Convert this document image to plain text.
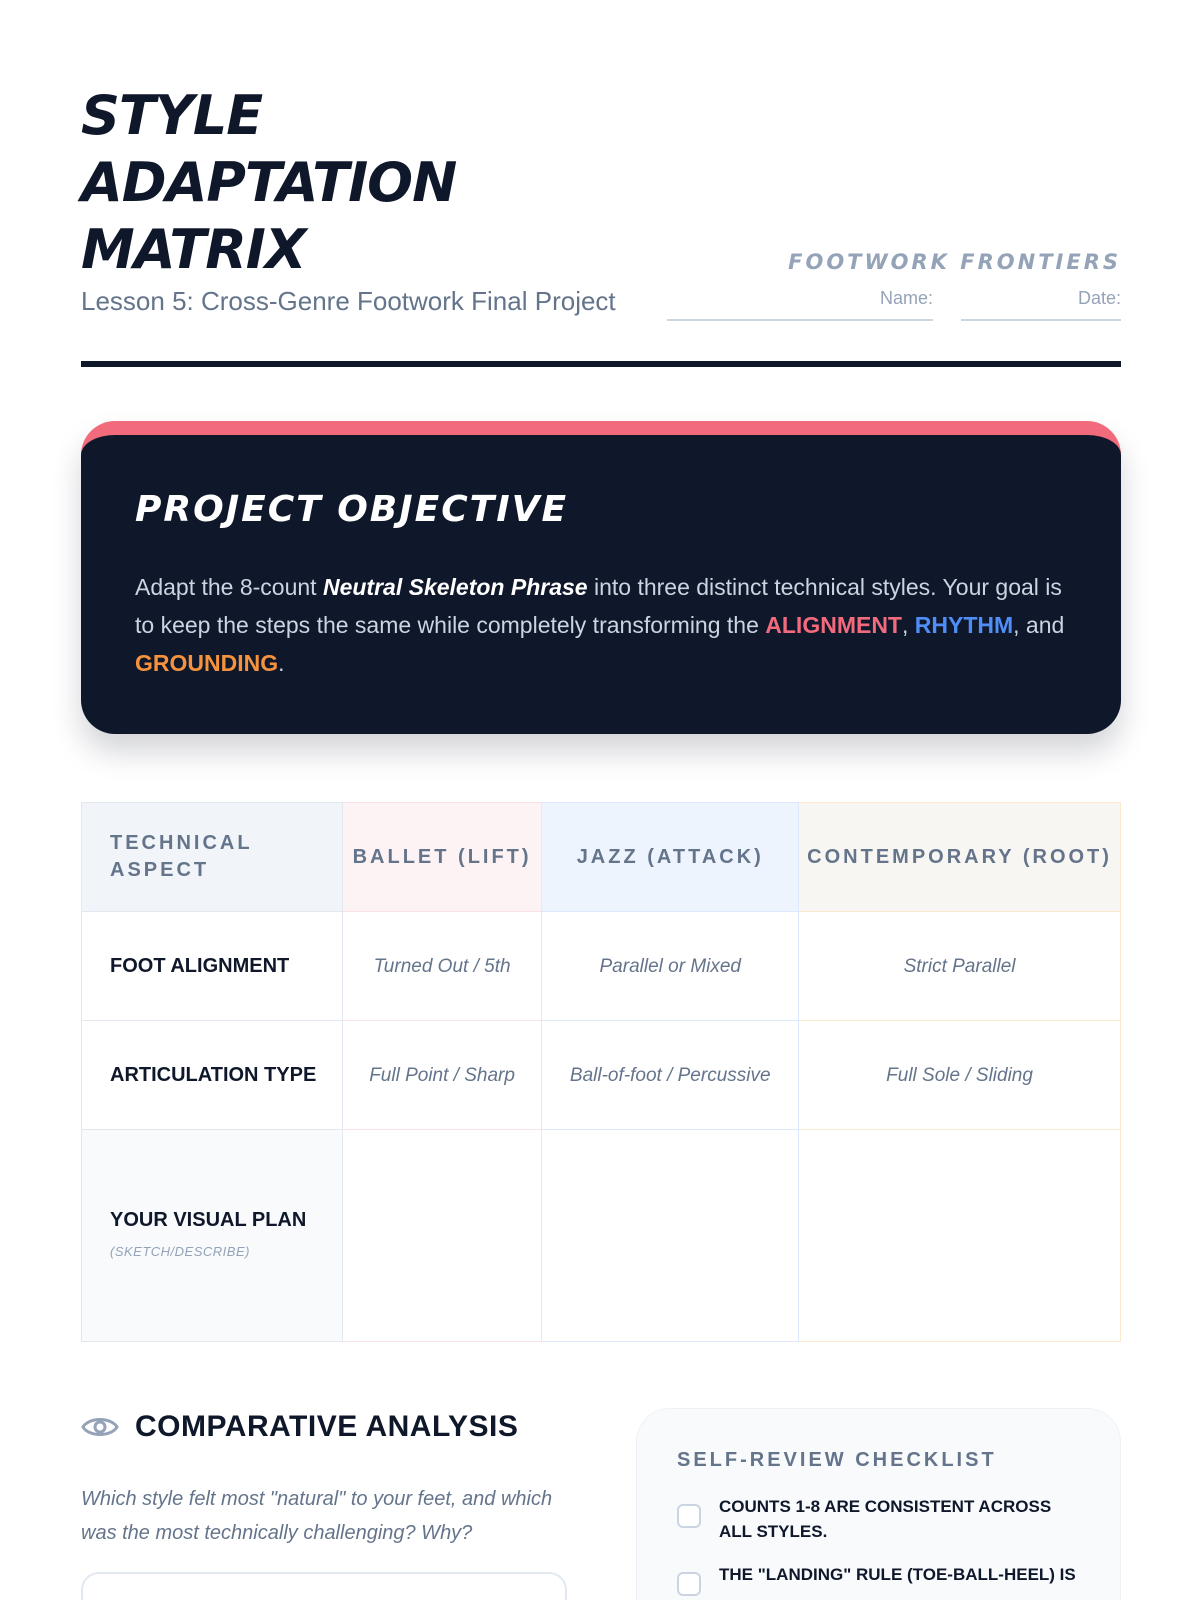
STYLE
ADAPTATION
MATRIX
Lesson 5: Cross-Genre Footwork Final Project
FOOTWORK FRONTIERS
Name:	Date:
PROJECT OBJECTIVE

Adapt the 8-count Neutral Skeleton Phrase into three distinct technical styles. Your goal is to keep the steps the same while completely transforming the ALIGNMENT, RHYTHM, and GROUNDING.

TECHNICAL ASPECT	BALLET (LIFT)	JAZZ (ATTACK)	CONTEMPORARY (ROOT)
FOOT ALIGNMENT	Turned Out / 5th	Parallel or Mixed	Strict Parallel
ARTICULATION TYPE	Full Point / Sharp	Ball-of-foot / Percussive	Full Sole / Sliding
YOUR VISUAL PLAN
(SKETCH/DESCRIBE)			

COMPARATIVE ANALYSIS

Which style felt most "natural" to your feet, and which was the most technically challenging? Why?

SELF-REVIEW CHECKLIST
COUNTS 1-8 ARE CONSISTENT ACROSS ALL STYLES.
THE "LANDING" RULE (TOE-BALL-HEEL) IS
